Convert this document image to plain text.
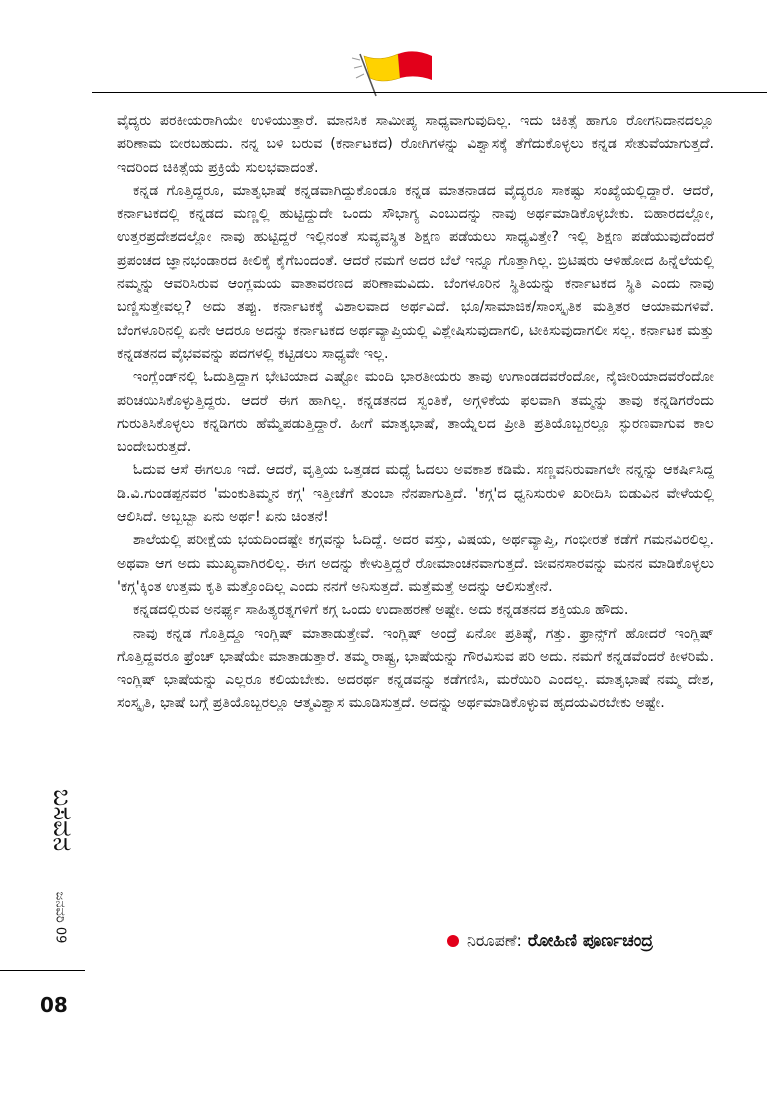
ಬಸವನ
ಜನವರಿ 09
08

ವೈದ್ಯರು ಪರಕೀಯರಾಗಿಯೇ ಉಳಿಯುತ್ತಾರೆ. ಮಾನಸಿಕ ಸಾಮೀಪ್ಯ ಸಾಧ್ಯವಾಗುವುದಿಲ್ಲ. ಇದು ಚಿಕಿತ್ಸೆ ಹಾಗೂ ರೋಗನಿದಾನದಲ್ಲೂ ಪರಿಣಾಮ ಬೀರಬಹುದು. ನನ್ನ ಬಳಿ ಬರುವ (ಕರ್ನಾಟಕದ) ರೋಗಿಗಳನ್ನು ವಿಶ್ವಾಸಕ್ಕೆ ತೆಗೆದುಕೊಳ್ಳಲು ಕನ್ನಡ ಸೇತುವೆಯಾಗುತ್ತದೆ. ಇದರಿಂದ ಚಿಕಿತ್ಸೆಯ ಪ್ರಕ್ರಿಯೆ ಸುಲಭವಾದಂತೆ.

ಕನ್ನಡ ಗೊತ್ತಿದ್ದರೂ, ಮಾತೃಭಾಷೆ ಕನ್ನಡವಾಗಿದ್ದುಕೊಂಡೂ ಕನ್ನಡ ಮಾತನಾಡದ ವೈದ್ಯರೂ ಸಾಕಷ್ಟು ಸಂಖ್ಯೆಯಲ್ಲಿದ್ದಾರೆ. ಆದರೆ, ಕರ್ನಾಟಕದಲ್ಲಿ ಕನ್ನಡದ ಮಣ್ಣಲ್ಲಿ ಹುಟ್ಟಿದ್ದುದೇ ಒಂದು ಸೌಭಾಗ್ಯ ಎಂಬುದನ್ನು ನಾವು ಅರ್ಥಮಾಡಿಕೊಳ್ಳಬೇಕು. ಬಿಹಾರದಲ್ಲೋ, ಉತ್ತರಪ್ರದೇಶದಲ್ಲೋ ನಾವು ಹುಟ್ಟಿದ್ದರೆ ಇಲ್ಲಿನಂತೆ ಸುವ್ಯವಸ್ಥಿತ ಶಿಕ್ಷಣ ಪಡೆಯಲು ಸಾಧ್ಯವಿತ್ತೇ? ಇಲ್ಲಿ ಶಿಕ್ಷಣ ಪಡೆಯುವುದೆಂದರೆ ಪ್ರಪಂಚದ ಜ್ಞಾನಭಂಡಾರದ ಕೀಲಿಕೈ ಕೈಗೆಬಂದಂತೆ. ಆದರೆ ನಮಗೆ ಅದರ ಬೆಲೆ ಇನ್ನೂ ಗೊತ್ತಾಗಿಲ್ಲ. ಬ್ರಿಟಿಷರು ಆಳಿಹೋದ ಹಿನ್ನೆಲೆಯಲ್ಲಿ ನಮ್ಮನ್ನು ಆವರಿಸಿರುವ ಆಂಗ್ಲಮಯ ವಾತಾವರಣದ ಪರಿಣಾಮವಿದು. ಬೆಂಗಳೂರಿನ ಸ್ಥಿತಿಯನ್ನು ಕರ್ನಾಟಕದ ಸ್ಥಿತಿ ಎಂದು ನಾವು ಬಣ್ಣಿಸುತ್ತೇವಲ್ಲ? ಅದು ತಪ್ಪು. ಕರ್ನಾಟಕಕ್ಕೆ ವಿಶಾಲವಾದ ಅರ್ಥವಿದೆ. ಭೂ/ಸಾಮಾಜಿಕ/ಸಾಂಸ್ಕೃತಿಕ ಮತ್ತಿತರ ಆಯಾಮಗಳಿವೆ. ಬೆಂಗಳೂರಿನಲ್ಲಿ ಏನೇ ಆದರೂ ಅದನ್ನು ಕರ್ನಾಟಕದ ಅರ್ಥವ್ಯಾಪ್ತಿಯಲ್ಲಿ ವಿಶ್ಲೇಷಿಸುವುದಾಗಲಿ, ಟೀಕಿಸುವುದಾಗಲೀ ಸಲ್ಲ. ಕರ್ನಾಟಕ ಮತ್ತು ಕನ್ನಡತನದ ವೈಭವವನ್ನು ಪದಗಳಲ್ಲಿ ಕಟ್ಟಿಡಲು ಸಾಧ್ಯವೇ ಇಲ್ಲ.

ಇಂಗ್ಲೆಂಡ್‌ನಲ್ಲಿ ಓದುತ್ತಿದ್ದಾಗ ಭೇಟಿಯಾದ ಎಷ್ಟೋ ಮಂದಿ ಭಾರತೀಯರು ತಾವು ಉಗಾಂಡದವರೆಂದೋ, ನೈಜೀರಿಯಾದವರೆಂದೋ ಪರಿಚಯಿಸಿಕೊಳ್ಳುತ್ತಿದ್ದರು. ಆದರೆ ಈಗ ಹಾಗಿಲ್ಲ. ಕನ್ನಡತನದ ಸ್ವಂತಿಕೆ, ಅಗ್ಗಳಿಕೆಯ ಫಲವಾಗಿ ತಮ್ಮನ್ನು ತಾವು ಕನ್ನಡಿಗರೆಂದು ಗುರುತಿಸಿಕೊಳ್ಳಲು ಕನ್ನಡಿಗರು ಹೆಮ್ಮೆಪಡುತ್ತಿದ್ದಾರೆ. ಹೀಗೆ ಮಾತೃಭಾಷೆ, ತಾಯ್ನೆಲದ ಪ್ರೀತಿ ಪ್ರತಿಯೊಬ್ಬರಲ್ಲೂ ಸ್ಫುರಣವಾಗುವ ಕಾಲ ಬಂದೇಬರುತ್ತದೆ.

ಓದುವ ಆಸೆ ಈಗಲೂ ಇದೆ. ಆದರೆ, ವೃತ್ತಿಯ ಒತ್ತಡದ ಮಧ್ಯೆ ಓದಲು ಅವಕಾಶ ಕಡಿಮೆ. ಸಣ್ಣವನಿರುವಾಗಲೇ ನನ್ನನ್ನು ಆಕರ್ಷಿಸಿದ್ದ ಡಿ.ವಿ.ಗುಂಡಪ್ಪನವರ 'ಮಂಕುತಿಮ್ಮನ ಕಗ್ಗ' ಇತ್ತೀಚೆಗೆ ತುಂಬಾ ನೆನಪಾಗುತ್ತಿದೆ. 'ಕಗ್ಗ'ದ ಧ್ವನಿಸುರುಳಿ ಖರೀದಿಸಿ ಬಿಡುವಿನ ವೇಳೆಯಲ್ಲಿ ಆಲಿಸಿದೆ. ಅಬ್ಬಬ್ಬಾ ಏನು ಅರ್ಥ! ಏನು ಚಿಂತನೆ!

ಶಾಲೆಯಲ್ಲಿ ಪರೀಕ್ಷೆಯ ಭಯದಿಂದಷ್ಟೇ ಕಗ್ಗವನ್ನು ಓದಿದ್ದೆ. ಅದರ ವಸ್ತು, ವಿಷಯ, ಅರ್ಥವ್ಯಾಪ್ತಿ, ಗಂಭೀರತೆ ಕಡೆಗೆ ಗಮನವಿರಲಿಲ್ಲ. ಅಥವಾ ಆಗ ಅದು ಮುಖ್ಯವಾಗಿರಲಿಲ್ಲ. ಈಗ ಅದನ್ನು ಕೇಳುತ್ತಿದ್ದರೆ ರೋಮಾಂಚನವಾಗುತ್ತದೆ. ಜೀವನಸಾರವನ್ನು ಮನನ ಮಾಡಿಕೊಳ್ಳಲು 'ಕಗ್ಗ'ಕ್ಕಿಂತ ಉತ್ತಮ ಕೃತಿ ಮತ್ತೊಂದಿಲ್ಲ ಎಂದು ನನಗೆ ಅನಿಸುತ್ತದೆ. ಮತ್ತೆಮತ್ತೆ ಅದನ್ನು ಆಲಿಸುತ್ತೇನೆ.

ಕನ್ನಡದಲ್ಲಿರುವ ಅನರ್ಘ್ಯ ಸಾಹಿತ್ಯರತ್ನಗಳಿಗೆ ಕಗ್ಗ ಒಂದು ಉದಾಹರಣೆ ಅಷ್ಟೇ. ಅದು ಕನ್ನಡತನದ ಶಕ್ತಿಯೂ ಹೌದು.

ನಾವು ಕನ್ನಡ ಗೊತ್ತಿದ್ದೂ ಇಂಗ್ಲಿಷ್ ಮಾತಾಡುತ್ತೇವೆ. ಇಂಗ್ಲಿಷ್ ಅಂದ್ರೆ ಏನೋ ಪ್ರತಿಷ್ಠೆ, ಗತ್ತು. ಫ್ರಾನ್ಸ್‌ಗೆ ಹೋದರೆ ಇಂಗ್ಲಿಷ್ ಗೊತ್ತಿದ್ದವರೂ ಫ್ರೆಂಚ್ ಭಾಷೆಯೇ ಮಾತಾಡುತ್ತಾರೆ. ತಮ್ಮ ರಾಷ್ಟ್ರ, ಭಾಷೆಯನ್ನು ಗೌರವಿಸುವ ಪರಿ ಅದು. ನಮಗೆ ಕನ್ನಡವೆಂದರೆ ಕೀಳರಿಮೆ. ಇಂಗ್ಲಿಷ್ ಭಾಷೆಯನ್ನು ಎಲ್ಲರೂ ಕಲಿಯಬೇಕು. ಅದರರ್ಥ ಕನ್ನಡವನ್ನು ಕಡೆಗಣಿಸಿ, ಮರೆಯಿರಿ ಎಂದಲ್ಲ. ಮಾತೃಭಾಷೆ ನಮ್ಮ ದೇಶ, ಸಂಸ್ಕೃತಿ, ಭಾಷೆ ಬಗ್ಗೆ ಪ್ರತಿಯೊಬ್ಬರಲ್ಲೂ ಆತ್ಮವಿಶ್ವಾಸ ಮೂಡಿಸುತ್ತದೆ. ಅದನ್ನು ಅರ್ಥಮಾಡಿಕೊಳ್ಳುವ ಹೃದಯವಿರಬೇಕು ಅಷ್ಟೇ.

ನಿರೂಪಣೆ: ರೋಹಿಣಿ ಪೂರ್ಣಚಂದ್ರ
